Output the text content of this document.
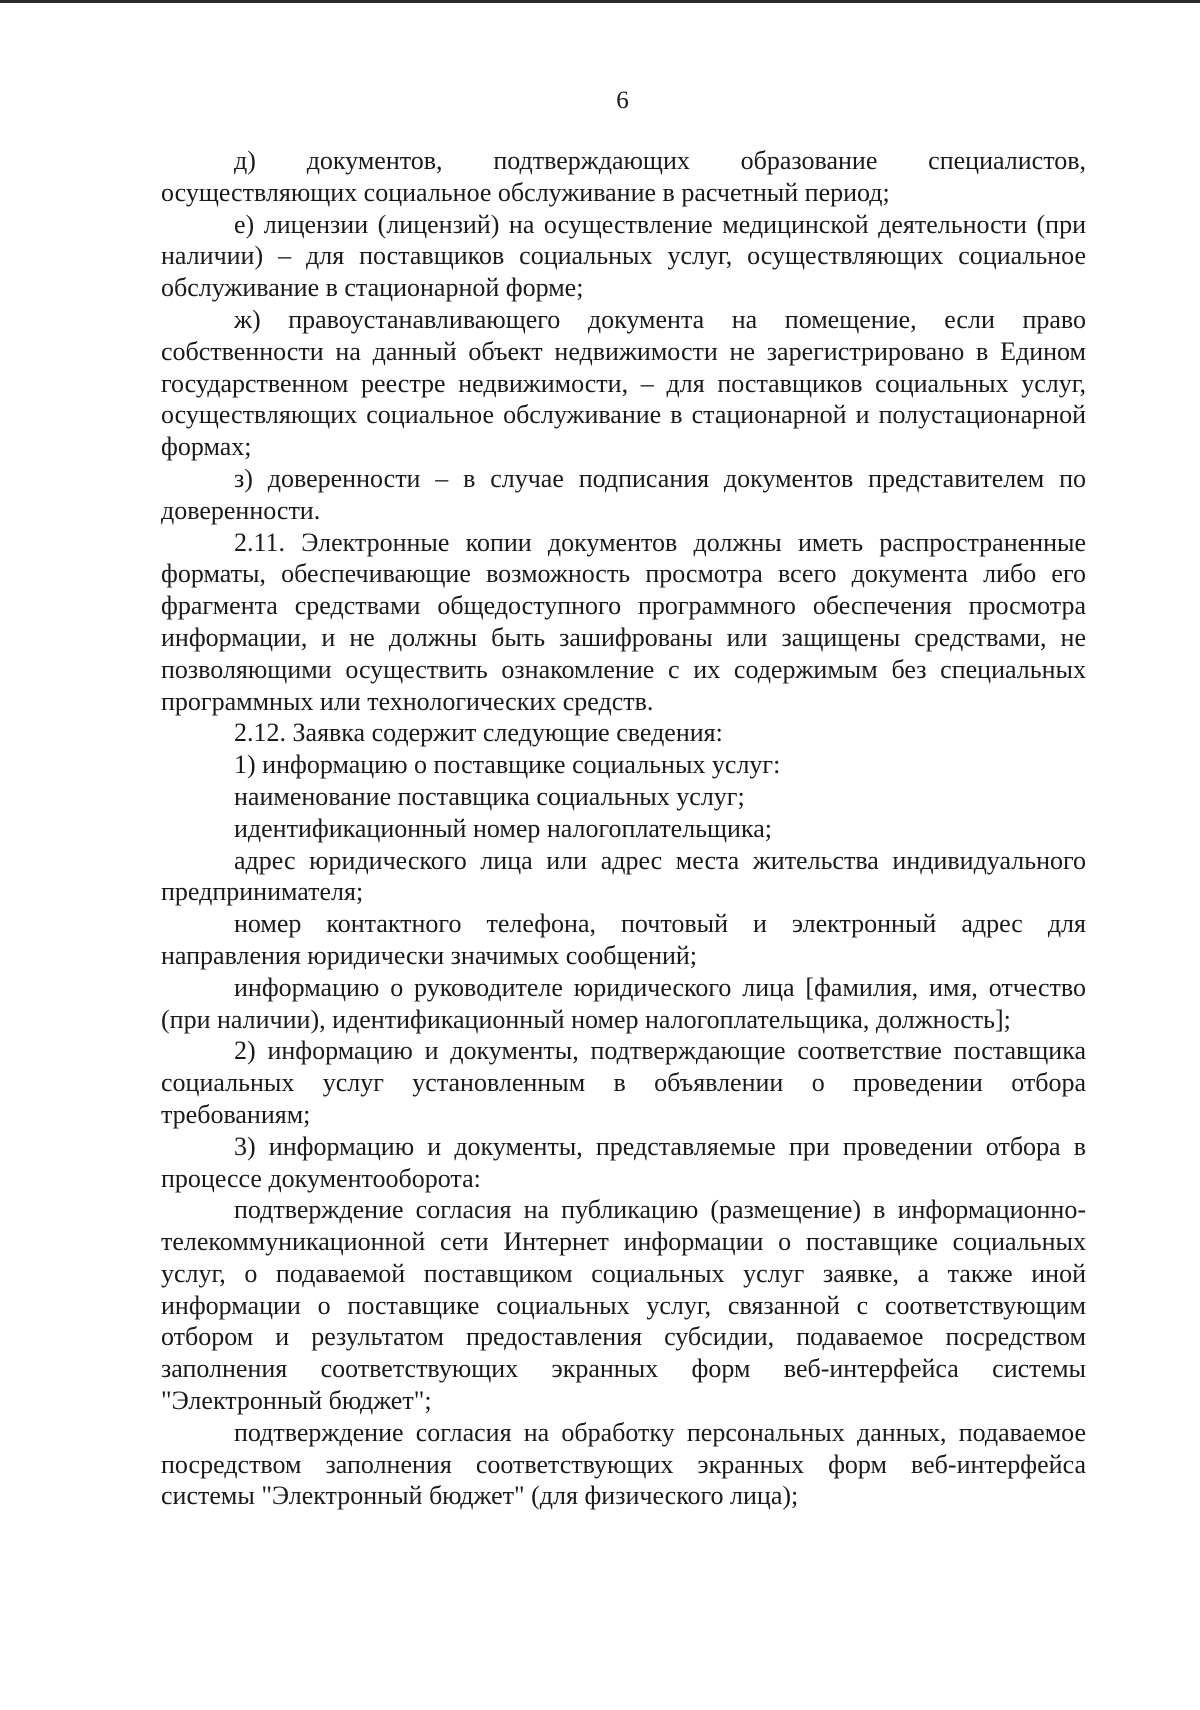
6

д) документов, подтверждающих образование специалистов, осуществляющих социальное обслуживание в расчетный период;

е) лицензии (лицензий) на осуществление медицинской деятельности (при наличии) – для поставщиков социальных услуг, осуществляющих социальное обслуживание в стационарной форме;

ж) правоустанавливающего документа на помещение, если право собственности на данный объект недвижимости не зарегистрировано в Едином государственном реестре недвижимости, – для поставщиков социальных услуг, осуществляющих социальное обслуживание в стационарной и полустационарной формах;

з) доверенности – в случае подписания документов представителем по доверенности.

2.11. Электронные копии документов должны иметь распространенные форматы, обеспечивающие возможность просмотра всего документа либо его фрагмента средствами общедоступного программного обеспечения просмотра информации, и не должны быть зашифрованы или защищены средствами, не позволяющими осуществить ознакомление с их содержимым без специальных программных или технологических средств.

2.12. Заявка содержит следующие сведения:

1) информацию о поставщике социальных услуг:

наименование поставщика социальных услуг;

идентификационный номер налогоплательщика;

адрес юридического лица или адрес места жительства индивидуального предпринимателя;

номер контактного телефона, почтовый и электронный адрес для направления юридически значимых сообщений;

информацию о руководителе юридического лица [фамилия, имя, отчество (при наличии), идентификационный номер налогоплательщика, должность];

2) информацию и документы, подтверждающие соответствие поставщика социальных услуг установленным в объявлении о проведении отбора требованиям;

3) информацию и документы, представляемые при проведении отбора в процессе документооборота:

подтверждение согласия на публикацию (размещение) в информационно-телекоммуникационной сети Интернет информации о поставщике социальных услуг, о подаваемой поставщиком социальных услуг заявке, а также иной информации о поставщике социальных услуг, связанной с соответствующим отбором и результатом предоставления субсидии, подаваемое посредством заполнения соответствующих экранных форм веб-интерфейса системы "Электронный бюджет";

подтверждение согласия на обработку персональных данных, подаваемое посредством заполнения соответствующих экранных форм веб-интерфейса системы "Электронный бюджет" (для физического лица);
